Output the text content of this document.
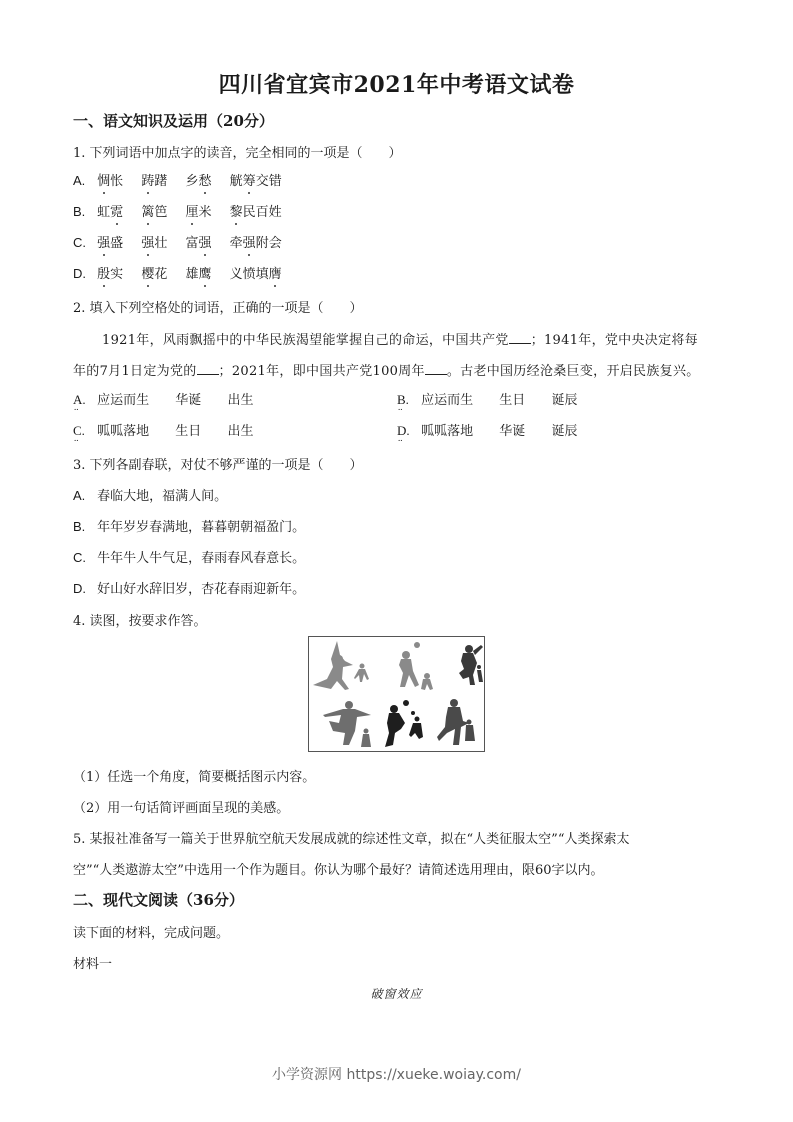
四川省宜宾市2021年中考语文试卷
一、语文知识及运用（20分）
1. 下列词语中加点字的读音，完全相同的一项是（　　）
A. 惆怅 踌躇 乡愁 觥筹交错
B. 虹霓 篱笆 厘米 黎民百姓
C. 强盛 强壮 富强 牵强附会
D. 殷实 樱花 雄鹰 义愤填膺
2. 填入下列空格处的词语，正确的一项是（　　）
1921年，风雨飘摇中的中华民族渴望能掌握自己的命运，中国共产党 ；1941年，党中央决定将每
年的7月1日定为党的 ；2021年，即中国共产党100周年 。古老中国历经沧桑巨变，开启民族复兴。
A. .. 应运而生 华诞 出生	B. .. 应运而生 生日 诞辰
C. .. 呱呱落地 生日 出生	D. .. 呱呱落地 华诞 诞辰
3. 下列各副春联，对仗不够严谨的一项是（　　）
A. 春临大地，福满人间。
B. 年年岁岁春满地，暮暮朝朝福盈门。
C. 牛年牛人牛气足，春雨春风春意长。
D. 好山好水辞旧岁，杏花春雨迎新年。
4. 读图，按要求作答。
（1）任选一个角度，简要概括图示内容。
（2）用一句话简评画面呈现的美感。
5. 某报社准备写一篇关于世界航空航天发展成就的综述性文章，拟在“人类征服太空”“人类探索太
空”“人类遨游太空”中选用一个作为题目。你认为哪个最好？请简述选用理由，限60字以内。
二、现代文阅读（36分）
读下面的材料，完成问题。
材料一
破窗效应
小学资源网 https://xueke.woiay.com/
